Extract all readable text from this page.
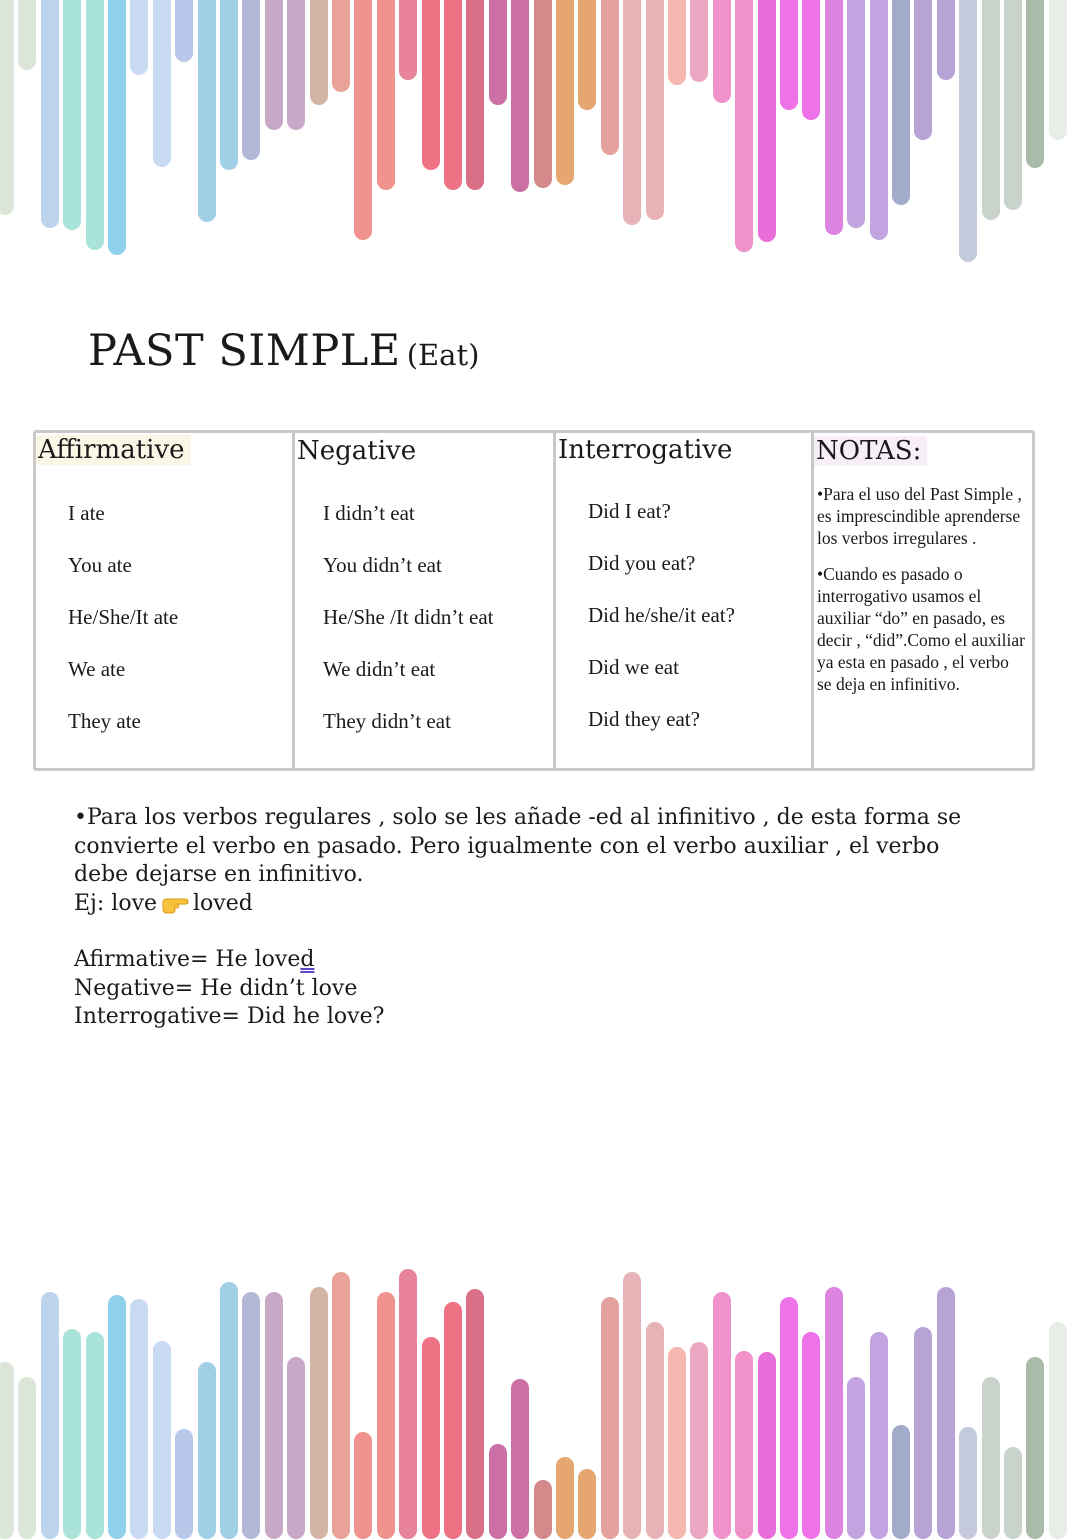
PAST SIMPLE (Eat)
Affirmative
I ate
You ate
He/She/It ate
We ate
They ate
Negative
I didn’t eat
You didn’t eat
He/She /It didn’t eat
We didn’t eat
They didn’t eat
Interrogative
Did I eat?
Did you eat?
Did he/she/it eat?
Did we eat
Did they eat?
NOTAS:

•Para el uso del Past Simple , es imprescindible aprenderse los verbos irregulares .

•Cuando es pasado o interrogativo usamos el auxiliar “do” en pasado, es decir , “did”.Como el auxiliar ya esta en pasado , el verbo se deja en infinitivo.

•Para los verbos regulares , solo se les añade -ed al infinitivo , de esta forma se
convierte el verbo en pasado. Pero igualmente con el verbo auxiliar , el verbo
debe dejarse en infinitivo.
Ej: love loved
Afirmative= He loved
Negative= He didn’t love
Interrogative= Did he love?
